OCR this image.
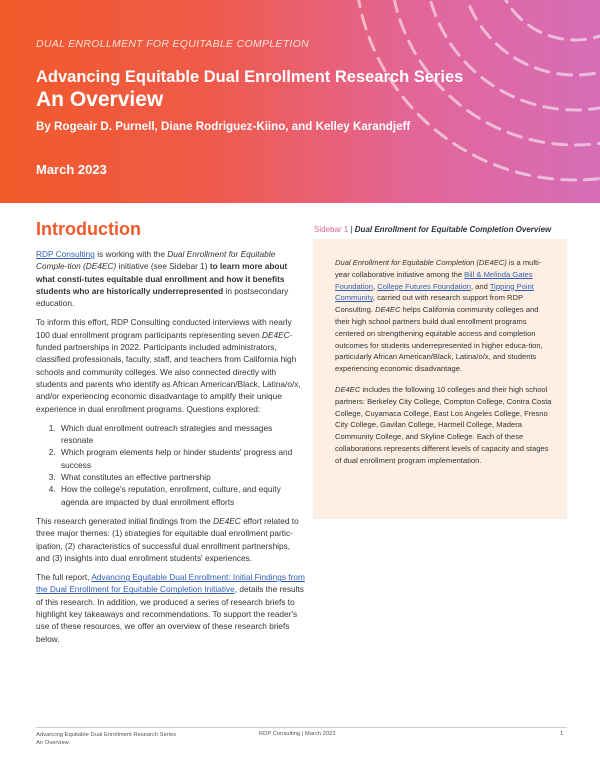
DUAL ENROLLMENT FOR EQUITABLE COMPLETION
Advancing Equitable Dual Enrollment Research Series
An Overview
By Rogeair D. Purnell, Diane Rodriguez-Kiino, and Kelley Karandjeff
March 2023
Introduction

RDP Consulting is working with the Dual Enrollment for Equitable Comple-tion (DE4EC) initiative (see Sidebar 1) to learn more about what consti-tutes equitable dual enrollment and how it benefits students who are historically underrepresented in postsecondary education.

To inform this effort, RDP Consulting conducted interviews with nearly 100 dual enrollment program participants representing seven DE4EC-funded partnerships in 2022. Participants included administrators, classified professionals, faculty, staff, and teachers from California high schools and community colleges. We also connected directly with students and parents who identify as African American/Black, Latina/o/x, and/or experiencing economic disadvantage to amplify their unique experience in dual enrollment programs. Questions explored:

1. Which dual enrollment outreach strategies and messages resonate
2. Which program elements help or hinder students' progress and success
3. What constitutes an effective partnership
4. How the college's reputation, enrollment, culture, and equity agenda are impacted by dual enrollment efforts

This research generated initial findings from the DE4EC effort related to three major themes: (1) strategies for equitable dual enrollment partic-ipation, (2) characteristics of successful dual enrollment partnerships, and (3) insights into dual enrollment students' experiences.

The full report, Advancing Equitable Dual Enrollment: Initial Findings from the Dual Enrollment for Equitable Completion Initiative, details the results of this research. In addition, we produced a series of research briefs to highlight key takeaways and recommendations. To support the reader's use of these resources, we offer an overview of these research briefs below.

Sidebar 1 | Dual Enrollment for Equitable Completion Overview

Dual Enrollment for Equitable Completion (DE4EC) is a multi-year collaborative initiative among the Bill & Melinda Gates Foundation, College Futures Foundation, and Tipping Point Community, carried out with research support from RDP Consulting. DE4EC helps California community colleges and their high school partners build dual enrollment programs centered on strengthening equitable access and completion outcomes for students underrepresented in higher educa-tion, particularly African American/Black, Latina/o/x, and students experiencing economic disadvantage.

DE4EC includes the following 10 colleges and their high school partners: Berkeley City College, Compton College, Contra Costa College, Cuyamaca College, East Los Angeles College, Fresno City College, Gavilan College, Hartnell College, Madera Community College, and Skyline College. Each of these collaborations represents different levels of capacity and stages of dual enrollment program implementation.

Advancing Equitable Dual Enrollment Research Series
An Overview
RDP Consulting | March 2023	1
